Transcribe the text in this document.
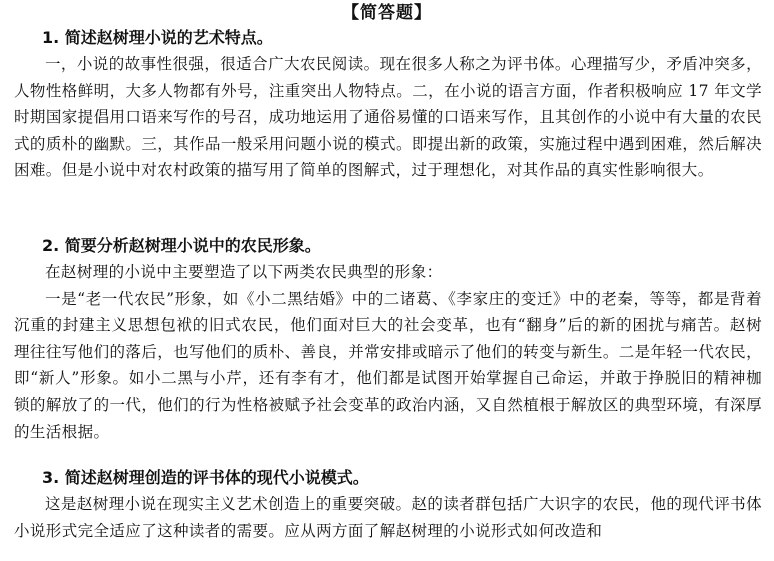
【简答题】

1. 简述赵树理小说的艺术特点。

一，小说的故事性很强，很适合广大农民阅读。现在很多人称之为评书体。心理描写少，矛盾冲突多，人物性格鲜明，大多人物都有外号，注重突出人物特点。二，在小说的语言方面，作者积极响应 17 年文学时期国家提倡用口语来写作的号召，成功地运用了通俗易懂的口语来写作，且其创作的小说中有大量的农民式的质朴的幽默。三，其作品一般采用问题小说的模式。即提出新的政策，实施过程中遇到困难，然后解决困难。但是小说中对农村政策的描写用了简单的图解式，过于理想化，对其作品的真实性影响很大。

2. 简要分析赵树理小说中的农民形象。

在赵树理的小说中主要塑造了以下两类农民典型的形象：

一是“老一代农民”形象，如《小二黑结婚》中的二诸葛、《李家庄的变迁》中的老秦，等等，都是背着沉重的封建主义思想包袱的旧式农民，他们面对巨大的社会变革，也有“翻身”后的新的困扰与痛苦。赵树理往往写他们的落后，也写他们的质朴、善良，并常安排或暗示了他们的转变与新生。二是年轻一代农民，即“新人”形象。如小二黑与小芹，还有李有才，他们都是试图开始掌握自己命运，并敢于挣脱旧的精神枷锁的解放了的一代，他们的行为性格被赋予社会变革的政治内涵，又自然植根于解放区的典型环境，有深厚的生活根据。

3. 简述赵树理创造的评书体的现代小说模式。

这是赵树理小说在现实主义艺术创造上的重要突破。赵的读者群包括广大识字的农民，他的现代评书体小说形式完全适应了这种读者的需要。应从两方面了解赵树理的小说形式如何改造和
